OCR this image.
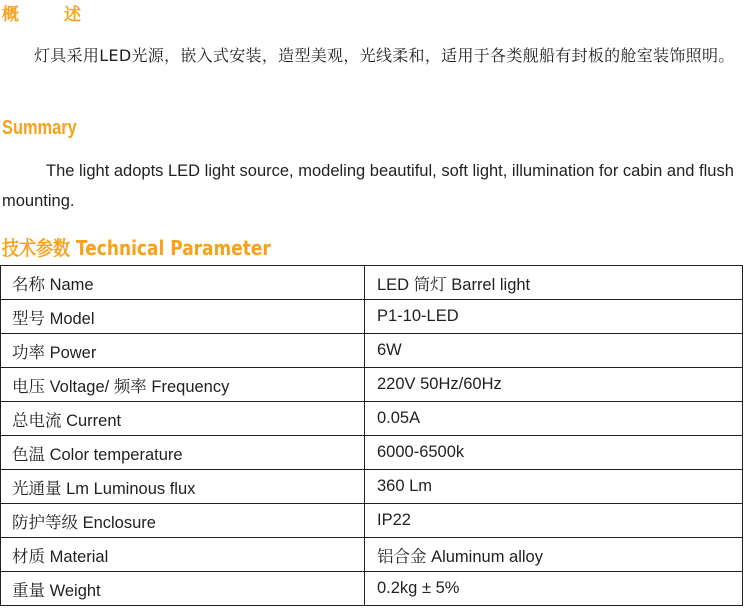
概　述

灯具采用LED光源，嵌入式安装，造型美观，光线柔和，适用于各类舰船有封板的舱室装饰照明。

Summary

The light adopts LED light source, modeling beautiful, soft light, illumination for cabin and flush mounting.

技术参数 Technical Parameter
名称 Name	LED 筒灯 Barrel light
型号 Model	P1-10-LED
功率 Power	6W
电压 Voltage/ 频率 Frequency	220V 50Hz/60Hz
总电流 Current	0.05A
色温 Color temperature	6000-6500k
光通量 Lm Luminous flux	360 Lm
防护等级 Enclosure	IP22
材质 Material	铝合金 Aluminum alloy
重量 Weight	0.2kg ± 5%
